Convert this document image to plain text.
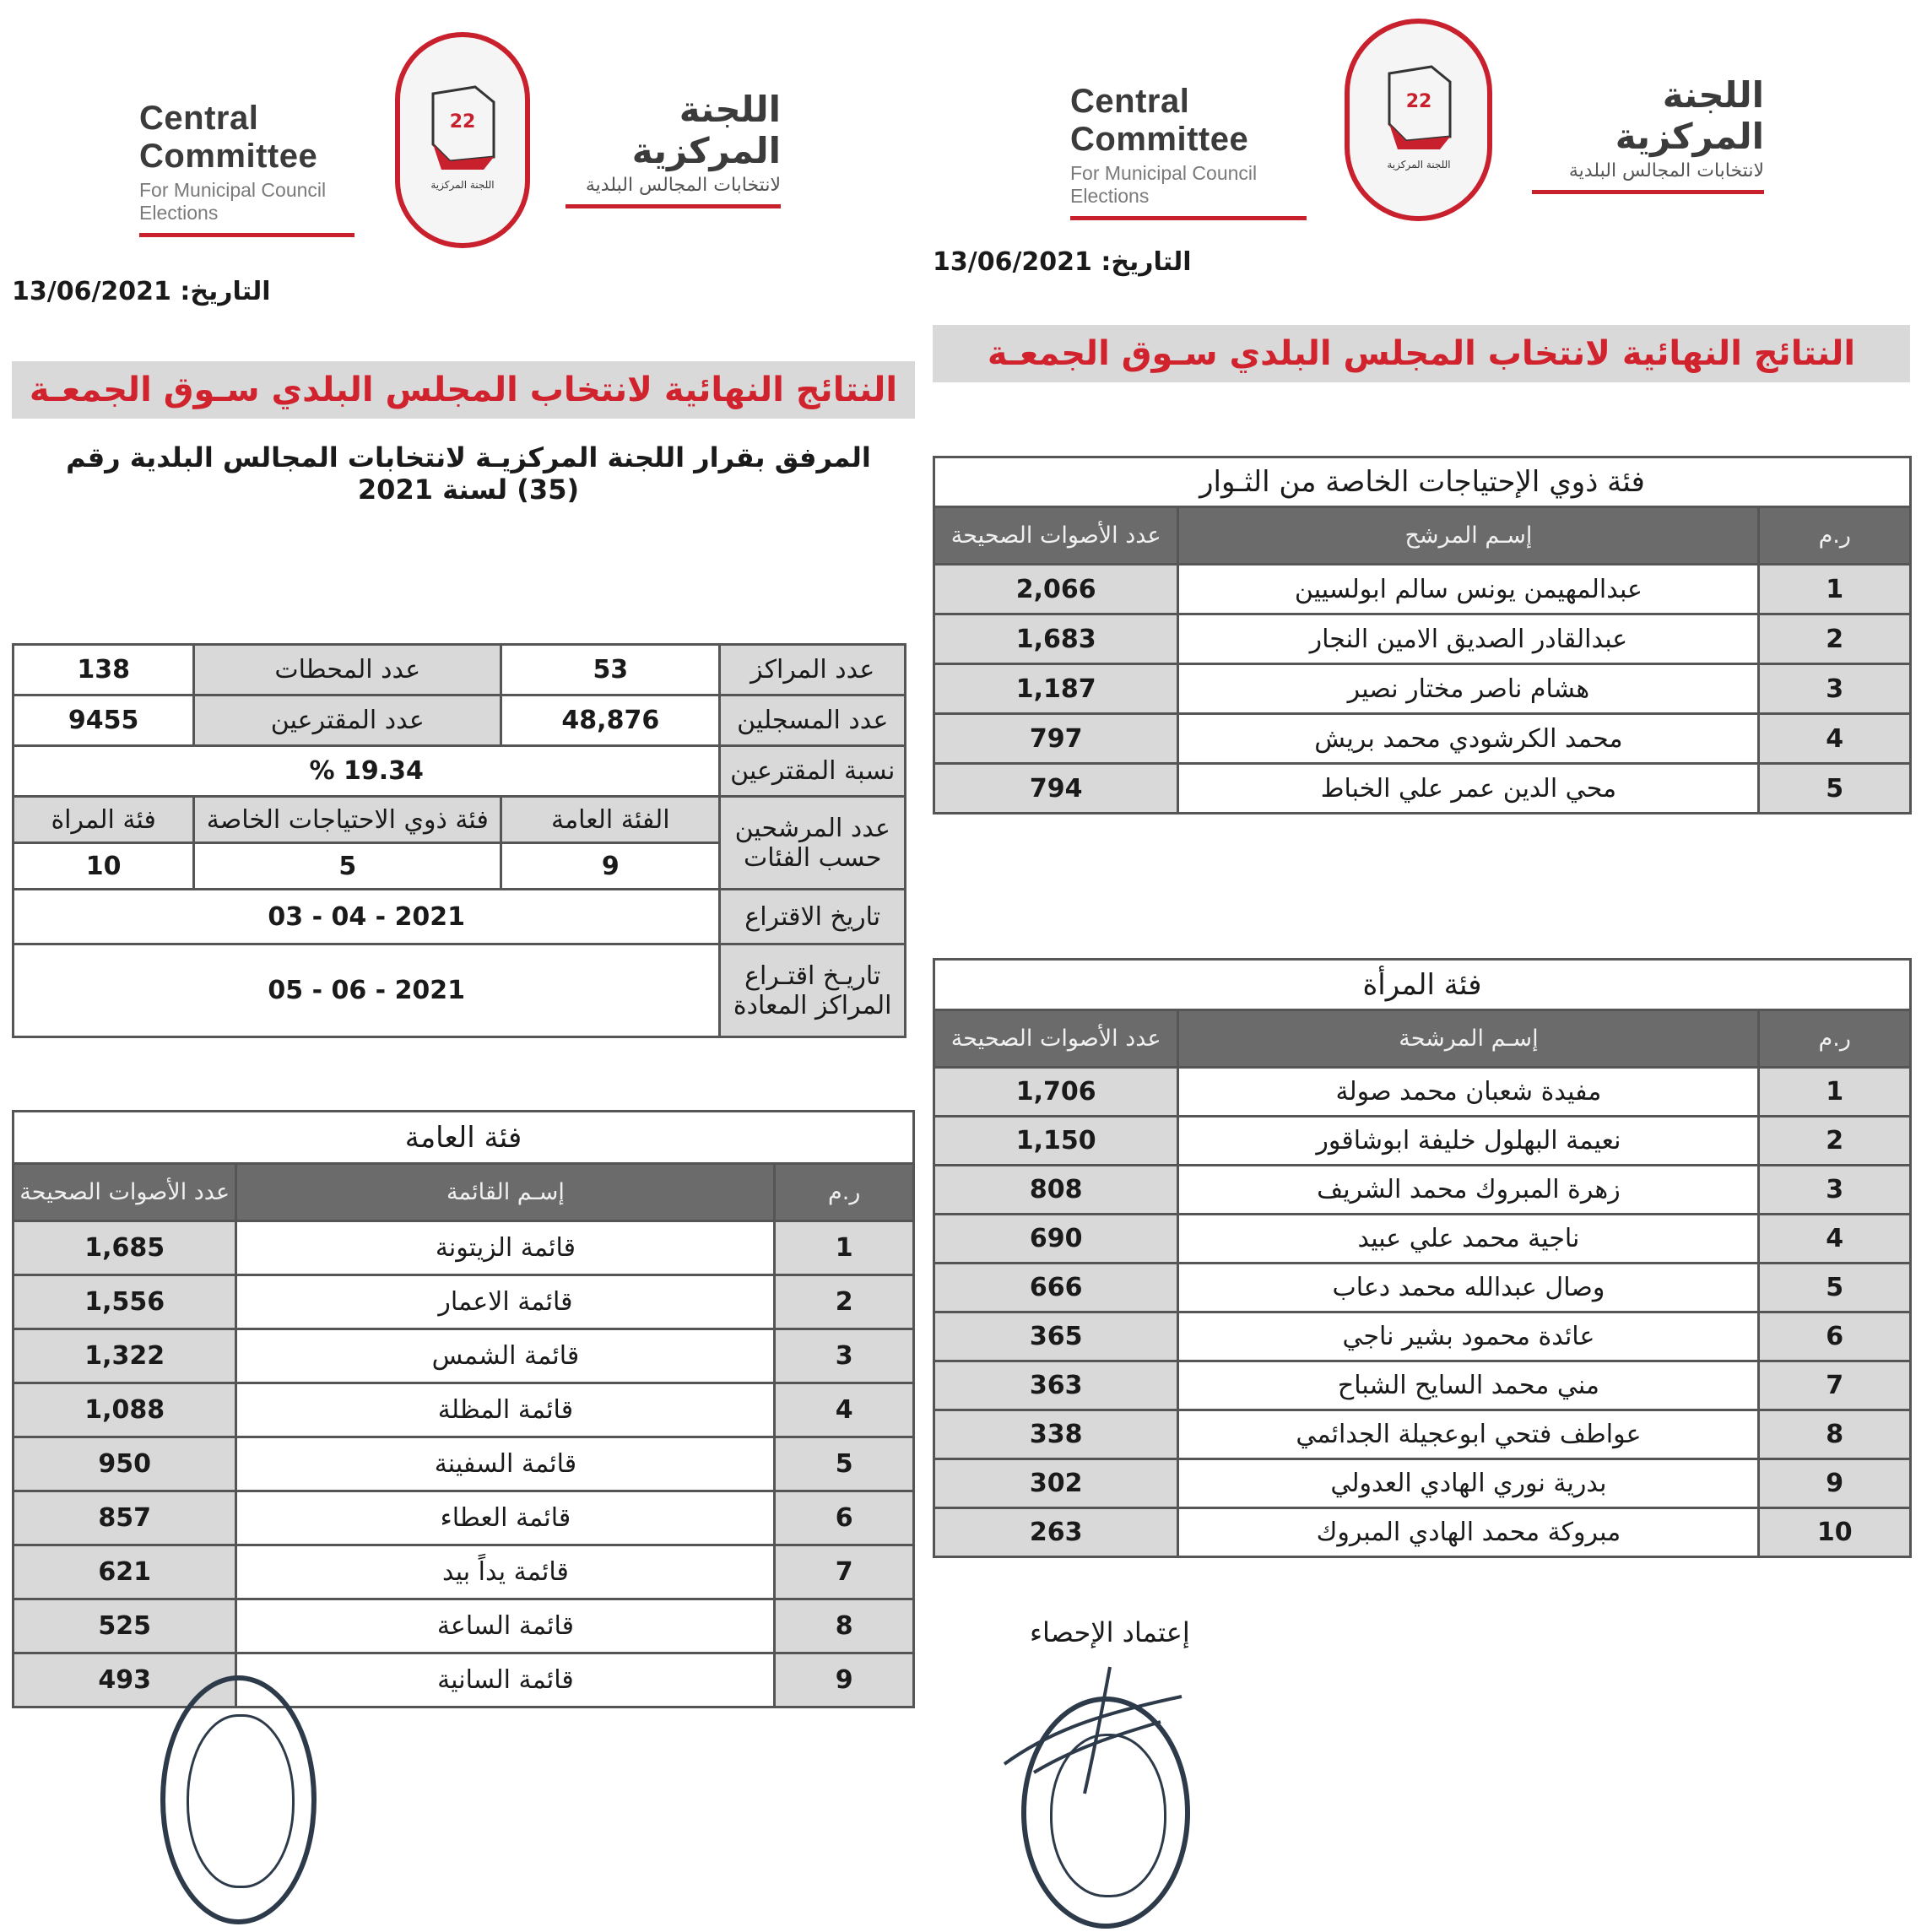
Central Committee
For Municipal Council Elections
22
اللجنة المركزية
اللجنة المركزية
لانتخابات المجالس البلدية
التاريخ: 13/06/2021
النتائج النهائية لانتخاب المجلس البلدي سـوق الجمعـة
المرفق بقرار اللجنة المركزيـة لانتخابات المجالس البلدية رقم (35) لسنة 2021
عدد المراكز	53	عدد المحطات	138
عدد المسجلين	48,876	عدد المقترعين	9455
نسبة المقترعين	19.34 %		
عدد المرشحين حسب الفئات	الفئة العامة	فئة ذوي الاحتياجات الخاصة	فئة المراة
	9	5	10
تاريخ الاقتراع	2021 - 04 - 03		
تاريـخ اقتـراع المراكز المعادة	2021 - 06 - 05		
فئة العامة		
ر.م	إسـم القائمة	عدد الأصوات الصحيحة
1	قائمة الزيتونة	1,685
2	قائمة الاعمار	1,556
3	قائمة الشمس	1,322
4	قائمة المظلة	1,088
5	قائمة السفينة	950
6	قائمة العطاء	857
7	قائمة يداً بيد	621
8	قائمة الساعة	525
9	قائمة السانية	493
Central Committee
For Municipal Council Elections
22
اللجنة المركزية
اللجنة المركزية
لانتخابات المجالس البلدية
التاريخ: 13/06/2021
النتائج النهائية لانتخاب المجلس البلدي سـوق الجمعـة
فئة ذوي الإحتياجات الخاصة من الثـوار		
ر.م	إسـم المرشح	عدد الأصوات الصحيحة
1	عبدالمهيمن يونس سالم ابولسيين	2,066
2	عبدالقادر الصديق الامين النجار	1,683
3	هشام ناصر مختار نصير	1,187
4	محمد الكرشودي محمد بريش	797
5	محي الدين عمر علي الخباط	794
فئة المرأة		
ر.م	إسـم المرشحة	عدد الأصوات الصحيحة
1	مفيدة شعبان محمد صولة	1,706
2	نعيمة البهلول خليفة ابوشاقور	1,150
3	زهرة المبروك محمد الشريف	808
4	ناجية محمد علي عبيد	690
5	وصال عبدالله محمد دعاب	666
6	عائدة محمود بشير ناجي	365
7	مني محمد السايح الشباح	363
8	عواطف فتحي ابوعجيلة الجدائمي	338
9	بدرية نوري الهادي العدولي	302
10	مبروكة محمد الهادي المبروك	263
إعتماد الإحصاء
